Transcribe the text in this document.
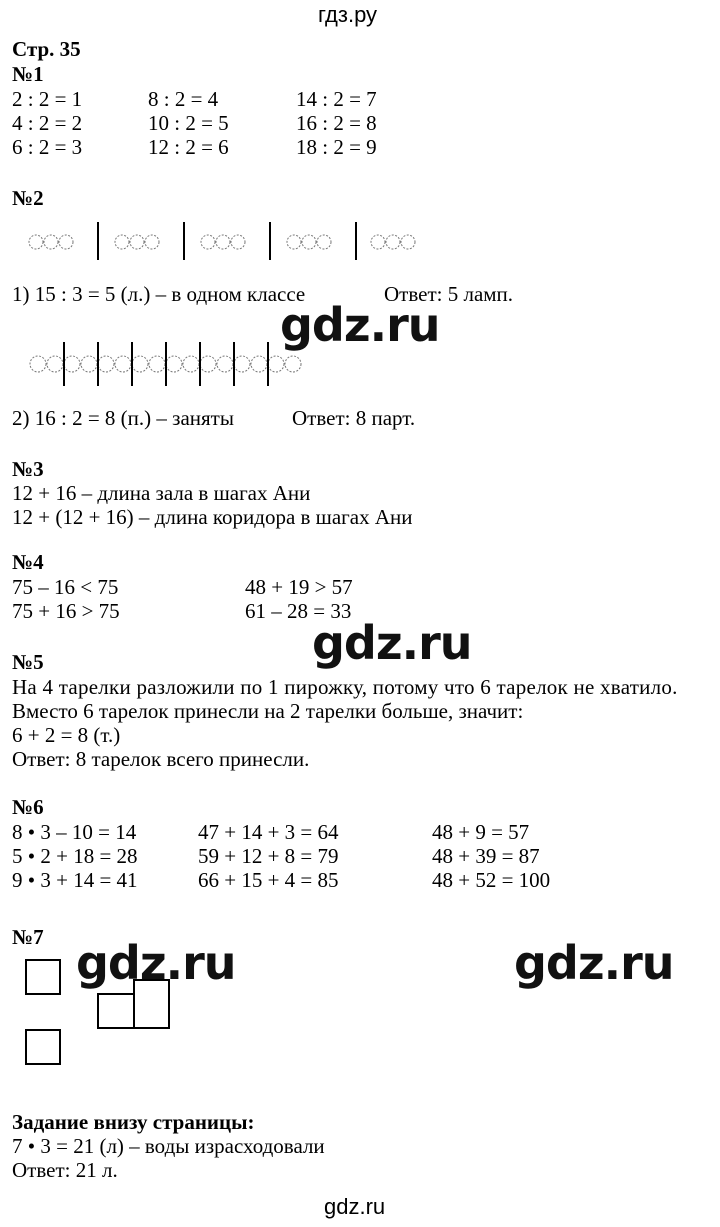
гдз.ру
Стр. 35
№1
2 : 2 = 1	8 : 2 = 4	14 : 2 = 7
4 : 2 = 2	10 : 2 = 5	16 : 2 = 8
6 : 2 = 3	12 : 2 = 6	18 : 2 = 9
№2
1) 15 : 3 = 5 (л.) – в одном классе	Ответ: 5 ламп.
2) 16 : 2 = 8 (п.) – заняты	Ответ: 8 парт.
№3
12 + 16 – длина зала в шагах Ани
12 + (12 + 16) – длина коридора в шагах Ани
№4
75 – 16 < 75	48 + 19 > 57
75 + 16 > 75	61 – 28 = 33
№5
На 4 тарелки разложили по 1 пирожку, потому что 6 тарелок не хватило.
Вместо 6 тарелок принесли на 2 тарелки больше, значит:
6 + 2 = 8 (т.)
Ответ: 8 тарелок всего принесли.
№6
8 • 3 – 10 = 14	47 + 14 + 3 = 64	48 + 9 = 57
5 • 2 + 18 = 28	59 + 12 + 8 = 79	48 + 39 = 87
9 • 3 + 14 = 41	66 + 15 + 4 = 85	48 + 52 = 100
№7
Задание внизу страницы:
7 • 3 = 21 (л) – воды израсходовали
Ответ: 21 л.
gdz.ru
gdz.ru
gdz.ru	gdz.ru
gdz.ru
